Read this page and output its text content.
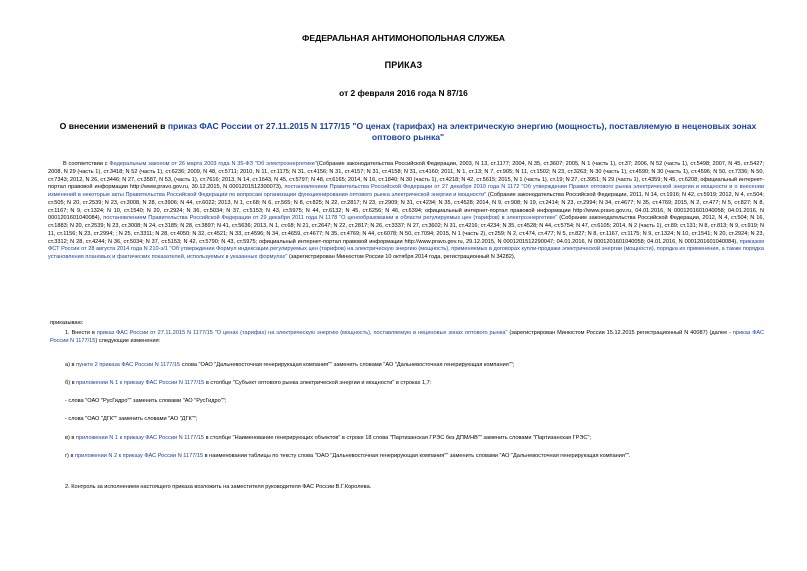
ФЕДЕРАЛЬНАЯ АНТИМОНОПОЛЬНАЯ СЛУЖБА
ПРИКАЗ
от 2 февраля 2016 года N 87/16
О внесении изменений в приказ ФАС России от 27.11.2015 N 1177/15 "О ценах (тарифах) на электрическую энергию (мощность), поставляемую в неценовых зонах оптового рынка"
В соответствии с Федеральным законом от 26 марта 2003 года N 35-ФЗ "Об электроэнергетике"(Собрание законодательства Российской Федерации, 2003, N 13, ст.1177; 2004, N 35, ст.3607; 2005, N 1 (часть 1), ст.37; 2006, N 52 (часть 1), ст.5498; 2007, N 45, ст.5427; 2008, N 29 (часть 1), ст.3418; N 52 (часть 1), ст.6236; 2009, N 48, ст.5711; 2010, N 11, ст.1175; N 31, ст.4156; N 31, ст.4157; N 31, ст.4158; N 31, ст.4160; 2011, N 1, ст.13; N 7, ст.905; N 11, ст.1502; N 23, ст.3263; N 30 (часть 1), ст.4590; N 30 (часть 1), ст.4596; N 50, ст.7336; N 50, ст.7343; 2012, N 26, ст.3446; N 27, ст.3587, N 53, (часть 1), ст.7616; 2013, N 14, ст.1643, N 45, ст.5797; N 48, ст.6165; 2014, N 16, ст.1840; N 30 (часть 1), ст.4218; N 42, ст.5615; 2015, N 1 (часть 1), ст.19; N 27, ст.3951; N 29 (часть 1), ст.4359; N 45, ст.6208; официальный интернет-портал правовой информации http://www.pravo.gov.ru, 30.12.2015, N 0001201512300073), постановлением Правительства Российской Федерации от 27 декабря 2010 года N 1172 "Об утверждении Правил оптового рынка электрической энергии и мощности и о внесении изменений в некоторые акты Правительства Российской Федерации по вопросам организации функционирования оптового рынка электрической энергии и мощности" (Собрание законодательства Российской Федерации, 2011, N 14, ст.1916; N 42, ст.5919; 2012, N 4, ст.504; ст.505; N 20, ст.2539; N 23, ст.3008, N 28, ст.3906; N 44, ст.6022; 2013, N 1, ст.68; N 6, ст.565; N 8, ст.825; N 22, ст.2817; N 23, ст.2909; N 31, ст.4234; N 35, ст.4528; 2014, N 9, ст.908; N 19, ст.2414; N 23, ст.2994; N 34, ст.4677; N 35, ст.4769; 2015, N 2, ст.477; N 5, ст.827; N 8, ст.1167; N 9, ст.1324; N 10, ст.1540; N 20, ст.2924; N 36, ст.5034; N 37, ст.5153; N 43, ст.5975; N 44, ст.6132; N 45, ст.6256; N 46, ст.6394; официальный интернет-портал правовой информации http://www.pravo.gov.ru, 04.01.2016, N 0001201601040058; 04.01.2016, N 0001201601040084), постановлением Правительства Российской Федерации от 29 декабря 2011 года N 1178 "О ценообразовании в области регулируемых цен (тарифов) в электроэнергетике" (Собрание законодательства Российской Федерации, 2012, N 4, ст.504; N 16, ст.1883; N 20, ст.2539; N 23, ст.3008; N 24, ст.3185; N 28, ст.3897; N 41, ст.5636; 2013, N 1, ст.68; N 21, ст.2647; N 22, ст.2817; N 26, ст.3337; N 27, ст.3602; N 31, ст.4216; ст.4234; N 35, ст.4528; N 44, ст.5754; N 47, ст.6105; 2014, N 2 (часть 1), ст.89; ст.131; N 8, ст.813; N 9, ст.919; N 11, ст.1156; N 23, ст.2994; ; N 25, ст.3311; N 28, ст.4050; N 32, ст.4521; N 33, ст.4596; N 34, ст.4659, ст.4677; N 35, ст.4769; N 44, ст.6078; N 50, ст.7094; 2015, N 1 (часть 2), ст.259; N 2, ст.474, ст.477; N 5, ст.827; N 8, ст.1167, ст.1175; N 9, ст.1324; N 10, ст.1541; N 20, ст.2924; N 23, ст.3312; N 28, ст.4244; N 36, ст.5034; N 37, ст.5153; N 42, ст.5790; N 43, ст.5975; официальный интернет-портал правовой информации http://www.pravo.gov.ru, 29.12.2015, N 0001201512290047; 04.01.2016, N 0001201601040058; 04.01.2016, N 0001201601040084), приказом ФСТ России от 28 августа 2014 года N 210-э/1 "Об утверждении Формул индексации регулируемых цен (тарифов) на электрическую энергию (мощность), применяемых в договорах купли-продажи электрической энергии (мощности), порядка их применения, а также порядка установления плановых и фактических показателей, используемых в указанных формулах" (зарегистрирован Минюстом России 10 октября 2014 года, регистрационный N 34282),
приказываю:
1. Внести в приказ ФАС России от 27.11.2015 N 1177/15 "О ценах (тарифах) на электрическую энергию (мощность), поставляемую в неценовых зонах оптового рынка" (зарегистрирован Минюстом России 15.12.2015 регистрационный N 40087) (далее - приказ ФАС России N 1177/15) следующие изменения:
а) в пункте 2 приказа ФАС России N 1177/15 слова "ОАО "Дальневосточная генерирующая компания"" заменить словами "АО "Дальневосточная генерирующая компания"";
б) в приложении N 1 к приказу ФАС России N 1177/15 в столбце "Субъект оптового рынка электрической энергии и мощности" в строках 1,7:
- слова "ОАО "РусГидро"" заменить словами "АО "РусГидро"";
- слова "ОАО "ДГК"" заменить словами "АО "ДГК"";
в) в приложении N 1 к приказу ФАС России N 1177/15 в столбце "Наименование генерирующих объектов" в строке 18 слова "Партизанская ГРЭС без ДПМ/НВ"" заменить словами "Партизанская ГРЭС";
г) в приложении N 2 к приказу ФАС России N 1177/15 в наименовании таблицы по тексту слова "ОАО "Дальневосточная генерирующая компания"" заменить словами "АО "Дальневосточная генерирующая компания"".
2. Контроль за исполнением настоящего приказа возложить на заместителя руководителя ФАС России В.Г.Королева.
